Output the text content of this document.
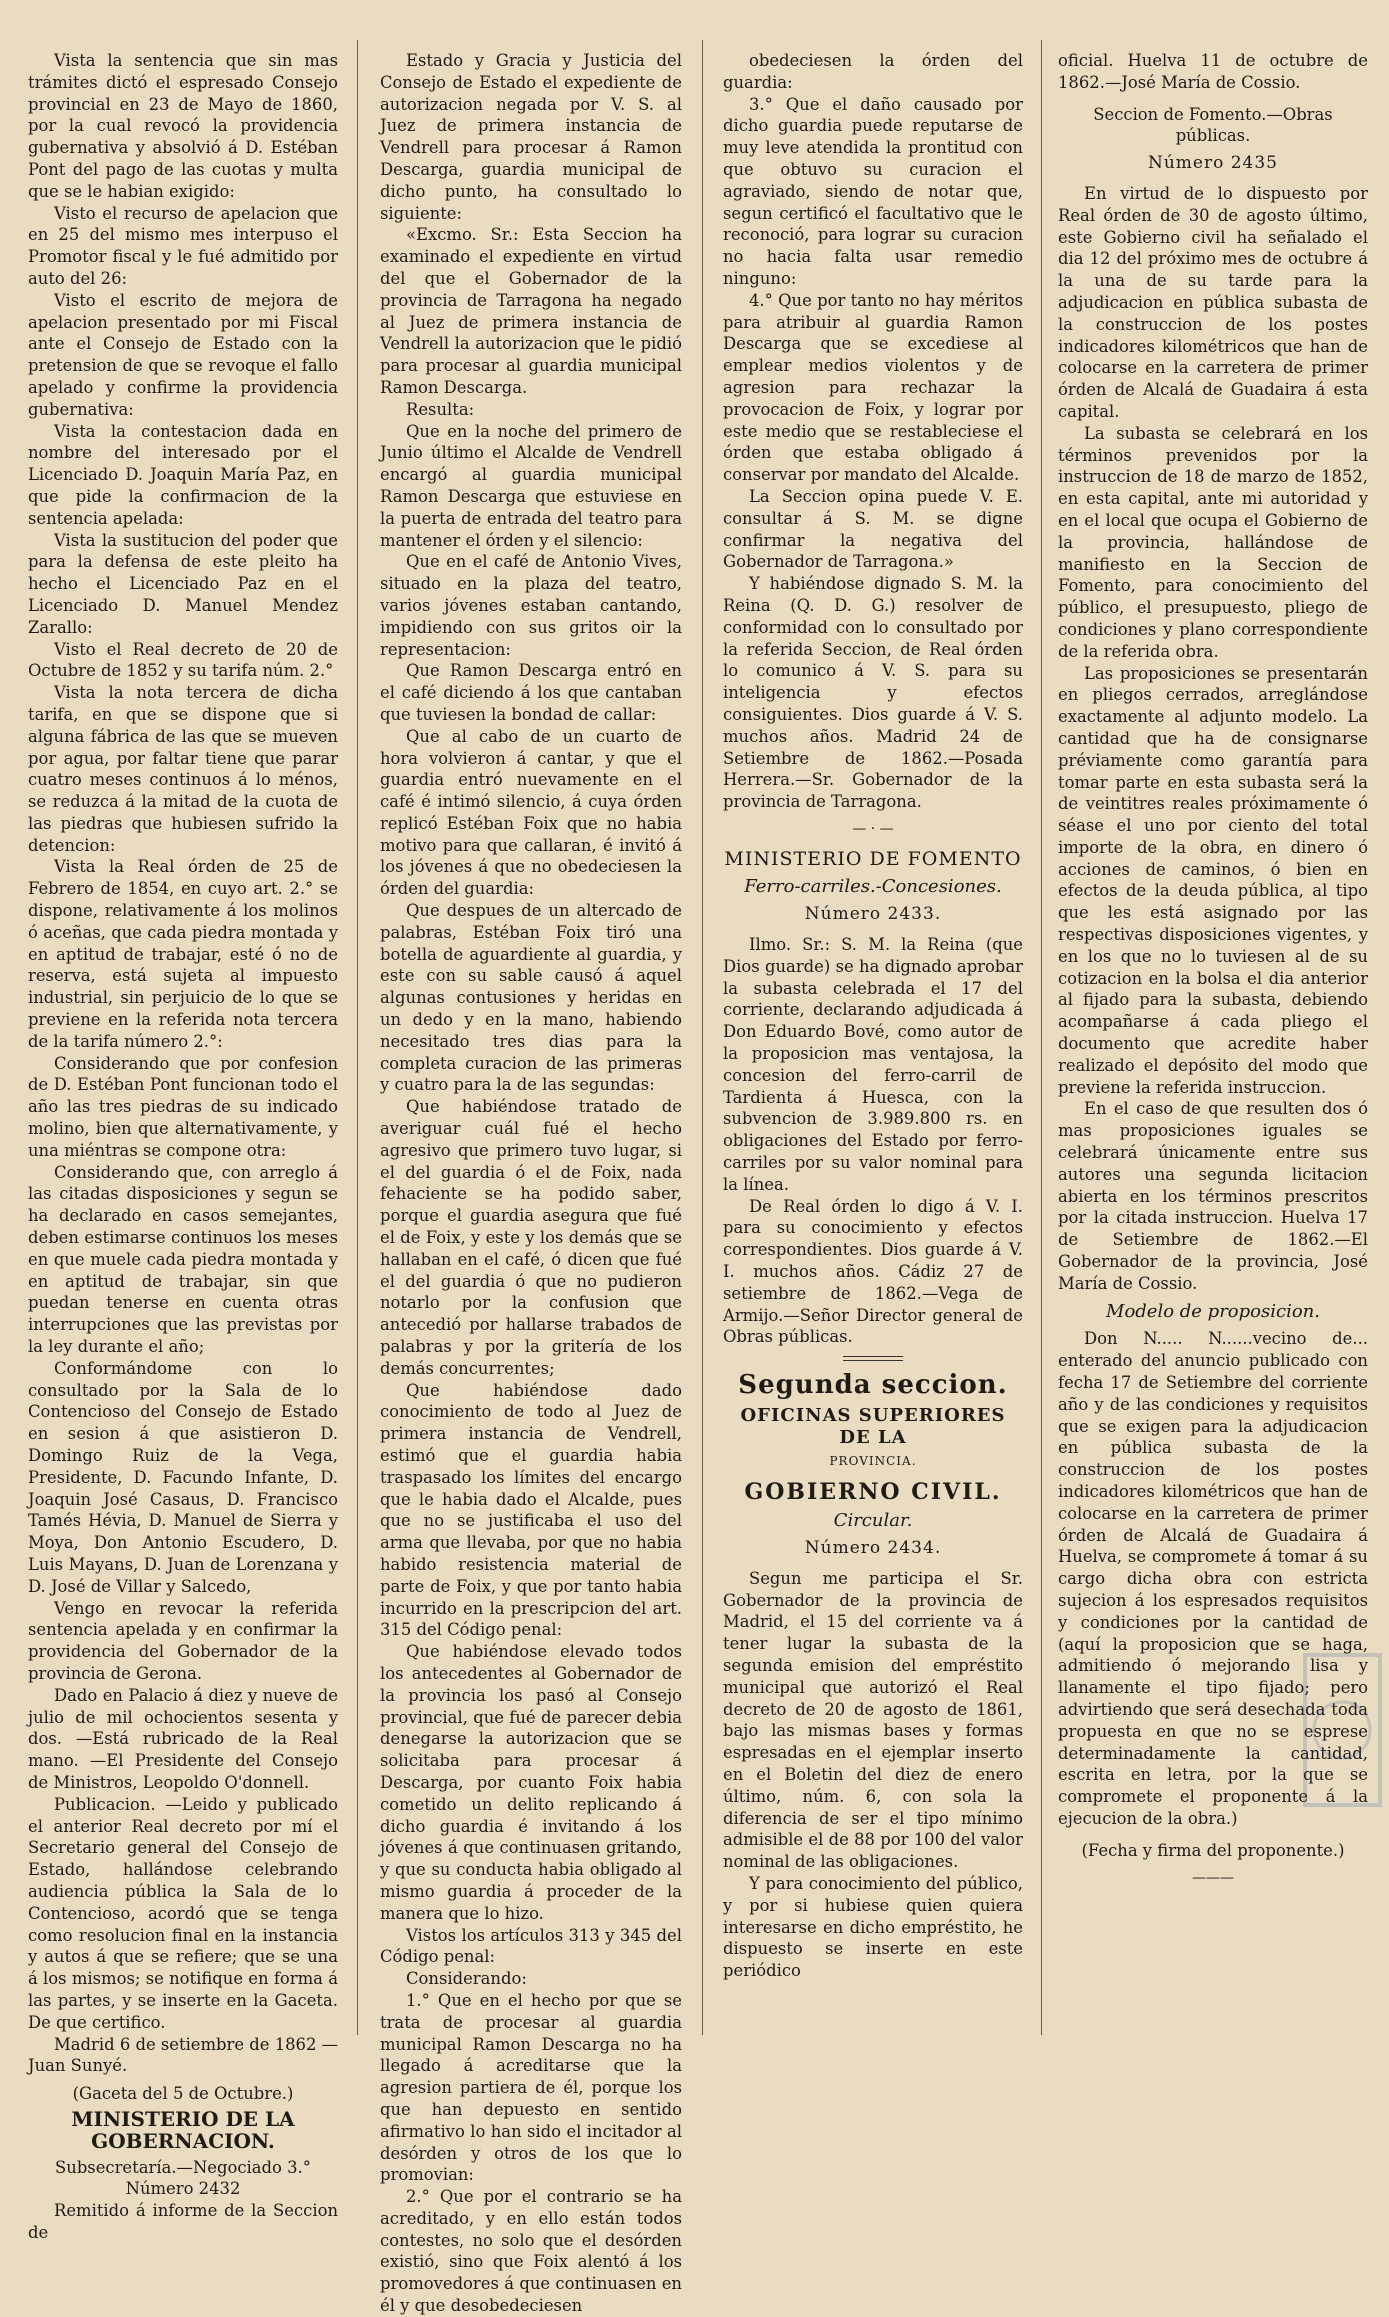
Vista la sentencia que sin mas trámites dictó el espresado Consejo provincial en 23 de Mayo de 1860, por la cual revocó la providencia gubernativa y absolvió á D. Estéban Pont del pago de las cuotas y multa que se le habian exigido:

Visto el recurso de apelacion que en 25 del mismo mes interpuso el Promotor fiscal y le fué admitido por auto del 26:

Visto el escrito de mejora de apelacion presentado por mi Fiscal ante el Consejo de Estado con la pretension de que se revoque el fallo apelado y confirme la providencia gubernativa:

Vista la contestacion dada en nombre del interesado por el Licenciado D. Joaquin María Paz, en que pide la confirmacion de la sentencia apelada:

Vista la sustitucion del poder que para la defensa de este pleito ha hecho el Licenciado Paz en el Licenciado D. Manuel Mendez Zarallo:

Visto el Real decreto de 20 de Octubre de 1852 y su tarifa núm. 2.°

Vista la nota tercera de dicha tarifa, en que se dispone que si alguna fábrica de las que se mueven por agua, por faltar tiene que parar cuatro meses continuos á lo ménos, se reduzca á la mitad de la cuota de las piedras que hubiesen sufrido la detencion:

Vista la Real órden de 25 de Febrero de 1854, en cuyo art. 2.° se dispone, relativamente á los molinos ó aceñas, que cada piedra montada y en aptitud de trabajar, esté ó no de reserva, está sujeta al impuesto industrial, sin perjuicio de lo que se previene en la referida nota tercera de la tarifa número 2.°:

Considerando que por confesion de D. Estéban Pont funcionan todo el año las tres piedras de su indicado molino, bien que alternativamente, y una miéntras se compone otra:

Considerando que, con arreglo á las citadas disposiciones y segun se ha declarado en casos semejantes, deben estimarse continuos los meses en que muele cada piedra montada y en aptitud de trabajar, sin que puedan tenerse en cuenta otras interrupciones que las previstas por la ley durante el año;

Conformándome con lo consultado por la Sala de lo Contencioso del Consejo de Estado en sesion á que asistieron D. Domingo Ruiz de la Vega, Presidente, D. Facundo Infante, D. Joaquin José Casaus, D. Francisco Tamés Hévia, D. Manuel de Sierra y Moya, Don Antonio Escudero, D. Luis Mayans, D. Juan de Lorenzana y D. José de Villar y Salcedo,

Vengo en revocar la referida sentencia apelada y en confirmar la providencia del Gobernador de la provincia de Gerona.

Dado en Palacio á diez y nueve de julio de mil ochocientos sesenta y dos. —Está rubricado de la Real mano. —El Presidente del Consejo de Ministros, Leopoldo O'donnell.

Publicacion. —Leido y publicado el anterior Real decreto por mí el Secretario general del Consejo de Estado, hallándose celebrando audiencia pública la Sala de lo Contencioso, acordó que se tenga como resolucion final en la instancia y autos á que se refiere; que se una á los mismos; se notifique en forma á las partes, y se inserte en la Gaceta. De que certifico.

Madrid 6 de setiembre de 1862 — Juan Sunyé.

(Gaceta del 5 de Octubre.)

MINISTERIO DE LA GOBERNACION.

Subsecretaría.—Negociado 3.°

Número 2432

Remitido á informe de la Seccion de

Estado y Gracia y Justicia del Consejo de Estado el expediente de autorizacion negada por V. S. al Juez de primera instancia de Vendrell para procesar á Ramon Descarga, guardia municipal de dicho punto, ha consultado lo siguiente:

«Excmo. Sr.: Esta Seccion ha examinado el expediente en virtud del que el Gobernador de la provincia de Tarragona ha negado al Juez de primera instancia de Vendrell la autorizacion que le pidió para procesar al guardia municipal Ramon Descarga.

Resulta:

Que en la noche del primero de Junio último el Alcalde de Vendrell encargó al guardia municipal Ramon Descarga que estuviese en la puerta de entrada del teatro para mantener el órden y el silencio:

Que en el café de Antonio Vives, situado en la plaza del teatro, varios jóvenes estaban cantando, impidiendo con sus gritos oir la representacion:

Que Ramon Descarga entró en el café diciendo á los que cantaban que tuviesen la bondad de callar:

Que al cabo de un cuarto de hora volvieron á cantar, y que el guardia entró nuevamente en el café é intimó silencio, á cuya órden replicó Estéban Foix que no habia motivo para que callaran, é invitó á los jóvenes á que no obedeciesen la órden del guardia:

Que despues de un altercado de palabras, Estéban Foix tiró una botella de aguardiente al guardia, y este con su sable causó á aquel algunas contusiones y heridas en un dedo y en la mano, habiendo necesitado tres dias para la completa curacion de las primeras y cuatro para la de las segundas:

Que habiéndose tratado de averiguar cuál fué el hecho agresivo que primero tuvo lugar, si el del guardia ó el de Foix, nada fehaciente se ha podido saber, porque el guardia asegura que fué el de Foix, y este y los demás que se hallaban en el café, ó dicen que fué el del guardia ó que no pudieron notarlo por la confusion que antecedió por hallarse trabados de palabras y por la gritería de los demás concurrentes;

Que habiéndose dado conocimiento de todo al Juez de primera instancia de Vendrell, estimó que el guardia habia traspasado los límites del encargo que le habia dado el Alcalde, pues que no se justificaba el uso del arma que llevaba, por que no habia habido resistencia material de parte de Foix, y que por tanto habia incurrido en la prescripcion del art. 315 del Código penal:

Que habiéndose elevado todos los antecedentes al Gobernador de la provincia los pasó al Consejo provincial, que fué de parecer debia denegarse la autorizacion que se solicitaba para procesar á Descarga, por cuanto Foix habia cometido un delito replicando á dicho guardia é invitando á los jóvenes á que continuasen gritando, y que su conducta habia obligado al mismo guardia á proceder de la manera que lo hizo.

Vistos los artículos 313 y 345 del Código penal:

Considerando:

1.° Que en el hecho por que se trata de procesar al guardia municipal Ramon Descarga no ha llegado á acreditarse que la agresion partiera de él, porque los que han depuesto en sentido afirmativo lo han sido el incitador al desórden y otros de los que lo promovian:

2.° Que por el contrario se ha acreditado, y en ello están todos contestes, no solo que el desórden existió, sino que Foix alentó á los promovedores á que continuasen en él y que desobedeciesen

obedeciesen la órden del guardia:

3.° Que el daño causado por dicho guardia puede reputarse de muy leve atendida la prontitud con que obtuvo su curacion el agraviado, siendo de notar que, segun certificó el facultativo que le reconoció, para lograr su curacion no hacia falta usar remedio ninguno:

4.° Que por tanto no hay méritos para atribuir al guardia Ramon Descarga que se excediese al emplear medios violentos y de agresion para rechazar la provocacion de Foix, y lograr por este medio que se restableciese el órden que estaba obligado á conservar por mandato del Alcalde.

La Seccion opina puede V. E. consultar á S. M. se digne confirmar la negativa del Gobernador de Tarragona.»

Y habiéndose dignado S. M. la Reina (Q. D. G.) resolver de conformidad con lo consultado por la referida Seccion, de Real órden lo comunico á V. S. para su inteligencia y efectos consiguientes. Dios guarde á V. S. muchos años. Madrid 24 de Setiembre de 1862.—Posada Herrera.—Sr. Gobernador de la provincia de Tarragona.

— · —
MINISTERIO DE FOMENTO
Ferro-carriles.-Concesiones.
Número 2433.

Ilmo. Sr.: S. M. la Reina (que Dios guarde) se ha dignado aprobar la subasta celebrada el 17 del corriente, declarando adjudicada á Don Eduardo Bové, como autor de la proposicion mas ventajosa, la concesion del ferro-carril de Tardienta á Huesca, con la subvencion de 3.989.800 rs. en obligaciones del Estado por ferro-carriles por su valor nominal para la línea.

De Real órden lo digo á V. I. para su conocimiento y efectos correspondientes. Dios guarde á V. I. muchos años. Cádiz 27 de setiembre de 1862.—Vega de Armijo.—Señor Director general de Obras públicas.

Segunda seccion.
OFICINAS SUPERIORES DE LA
PROVINCIA.
GOBIERNO CIVIL.
Circular.
Número 2434.

Segun me participa el Sr. Gobernador de la provincia de Madrid, el 15 del corriente va á tener lugar la subasta de la segunda emision del empréstito municipal que autorizó el Real decreto de 20 de agosto de 1861, bajo las mismas bases y formas espresadas en el ejemplar inserto en el Boletin del diez de enero último, núm. 6, con sola la diferencia de ser el tipo mínimo admisible el de 88 por 100 del valor nominal de las obligaciones.

Y para conocimiento del público, y por si hubiese quien quiera interesarse en dicho empréstito, he dispuesto se inserte en este periódico

oficial. Huelva 11 de octubre de 1862.—José María de Cossio.

Seccion de Fomento.—Obras públicas.

Número 2435

En virtud de lo dispuesto por Real órden de 30 de agosto último, este Gobierno civil ha señalado el dia 12 del próximo mes de octubre á la una de su tarde para la adjudicacion en pública subasta de la construccion de los postes indicadores kilométricos que han de colocarse en la carretera de primer órden de Alcalá de Guadaira á esta capital.

La subasta se celebrará en los términos prevenidos por la instruccion de 18 de marzo de 1852, en esta capital, ante mi autoridad y en el local que ocupa el Gobierno de la provincia, hallándose de manifiesto en la Seccion de Fomento, para conocimiento del público, el presupuesto, pliego de condiciones y plano correspondiente de la referida obra.

Las proposiciones se presentarán en pliegos cerrados, arreglándose exactamente al adjunto modelo. La cantidad que ha de consignarse préviamente como garantía para tomar parte en esta subasta será la de veintitres reales próximamente ó séase el uno por ciento del total importe de la obra, en dinero ó acciones de caminos, ó bien en efectos de la deuda pública, al tipo que les está asignado por las respectivas disposiciones vigentes, y en los que no lo tuviesen al de su cotizacion en la bolsa el dia anterior al fijado para la subasta, debiendo acompañarse á cada pliego el documento que acredite haber realizado el depósito del modo que previene la referida instruccion.

En el caso de que resulten dos ó mas proposiciones iguales se celebrará únicamente entre sus autores una segunda licitacion abierta en los términos prescritos por la citada instruccion. Huelva 17 de Setiembre de 1862.—El Gobernador de la provincia, José María de Cossio.

Modelo de proposicion.

Don N..... N......vecino de... enterado del anuncio publicado con fecha 17 de Setiembre del corriente año y de las condiciones y requisitos que se exigen para la adjudicacion en pública subasta de la construccion de los postes indicadores kilométricos que han de colocarse en la carretera de primer órden de Alcalá de Guadaira á Huelva, se compromete á tomar á su cargo dicha obra con estricta sujecion á los espresados requisitos y condiciones por la cantidad de (aquí la proposicion que se haga, admitiendo ó mejorando lisa y llanamente el tipo fijado; pero advirtiendo que será desechada toda propuesta en que no se esprese determinadamente la cantidad, escrita en letra, por la que se compromete el proponente á la ejecucion de la obra.)

(Fecha y firma del proponente.)

———
